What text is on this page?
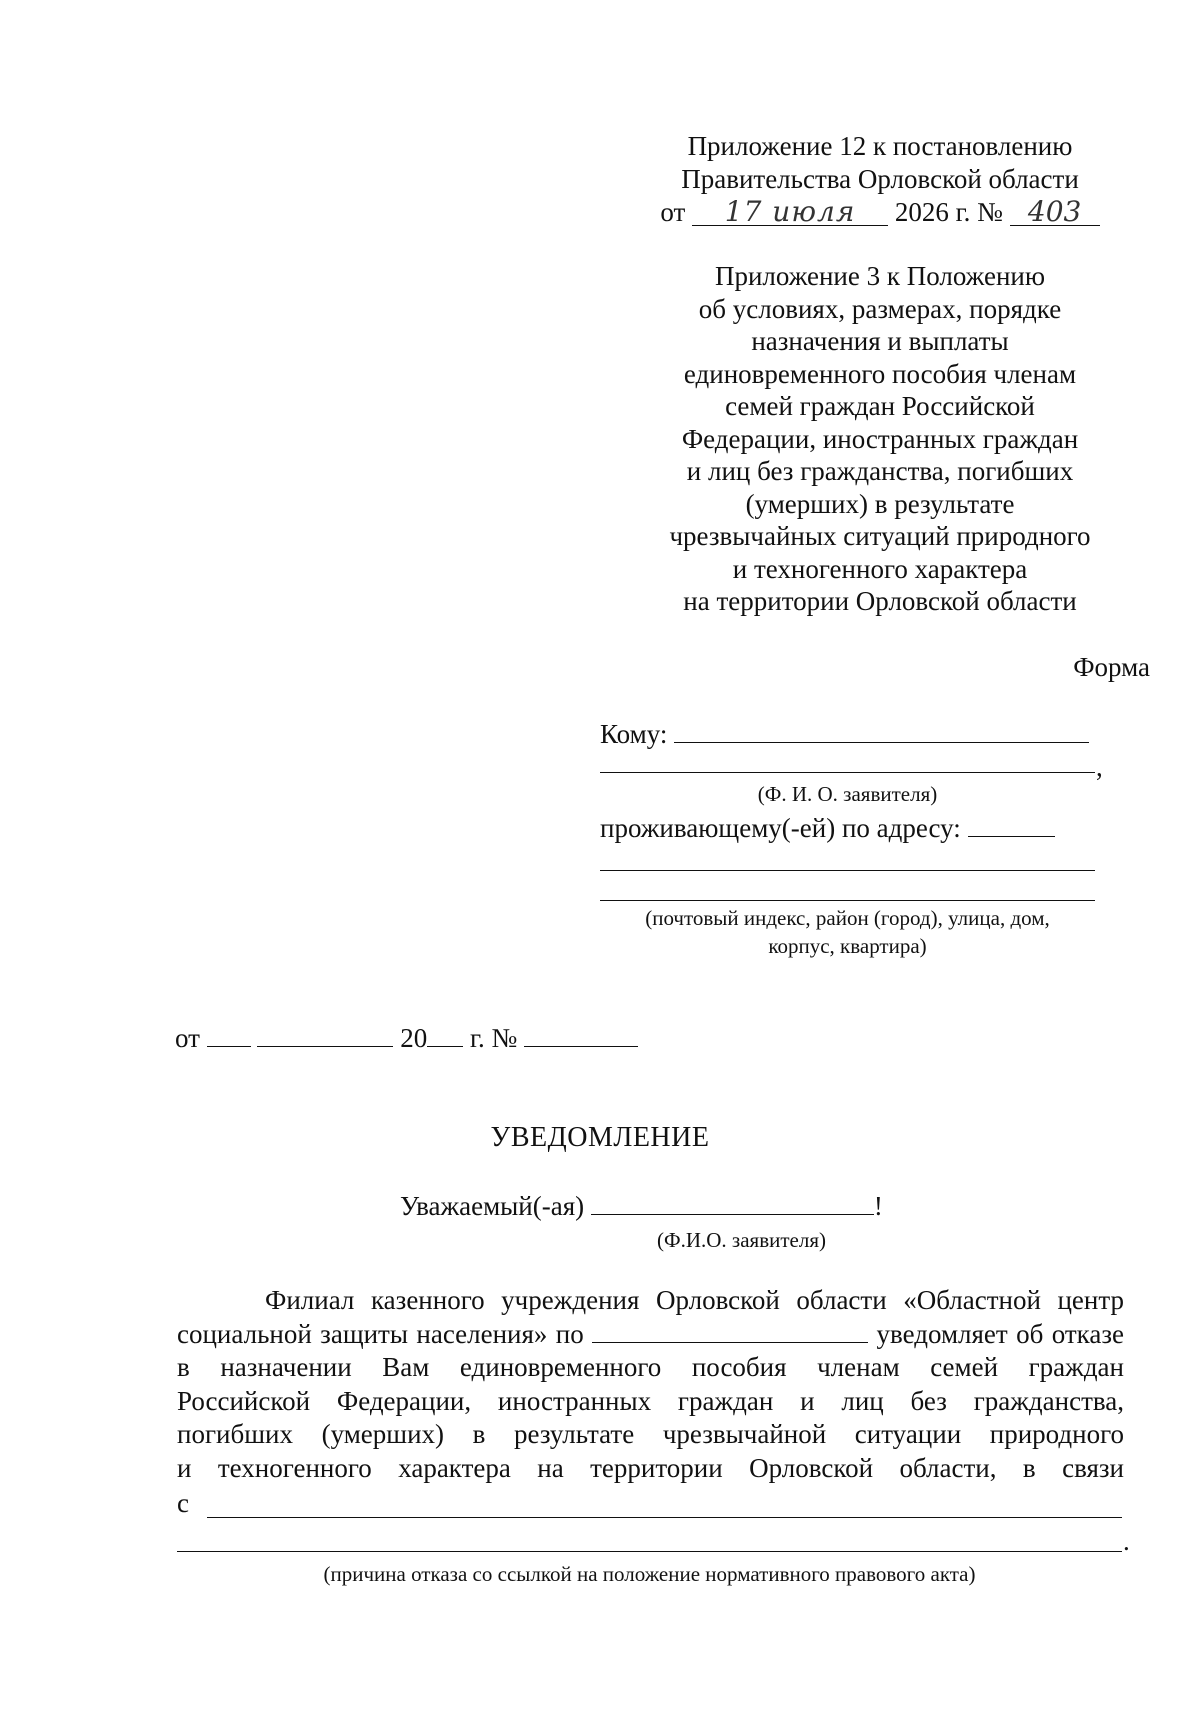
Приложение 12 к постановлению
Правительства Орловской области
от 17 июля 2026 г. № 403
Приложение 3 к Положению
об условиях, размерах, порядке
назначения и выплаты
единовременного пособия членам
семей граждан Российской
Федерации, иностранных граждан
и лиц без гражданства, погибших
(умерших) в результате
чрезвычайных ситуаций природного
и техногенного характера
на территории Орловской области
Форма
Кому:
,
(Ф. И. О. заявителя)
проживающему(-ей) по адресу:
(почтовый индекс, район (город), улица, дом,
корпус, квартира)
от	20 г. №
УВЕДОМЛЕНИЕ
Уважаемый(-ая)	!
(Ф.И.О. заявителя)
Филиал казенного учреждения Орловской области «Областной центр
социальной защиты населения» по	уведомляет об отказе
в назначении Вам единовременного пособия членам семей граждан
Российской Федерации, иностранных граждан и лиц без гражданства,
погибших (умерших) в результате чрезвычайной ситуации природного
и техногенного характера на территории Орловской области, в связи
с
.
(причина отказа со ссылкой на положение нормативного правового акта)
